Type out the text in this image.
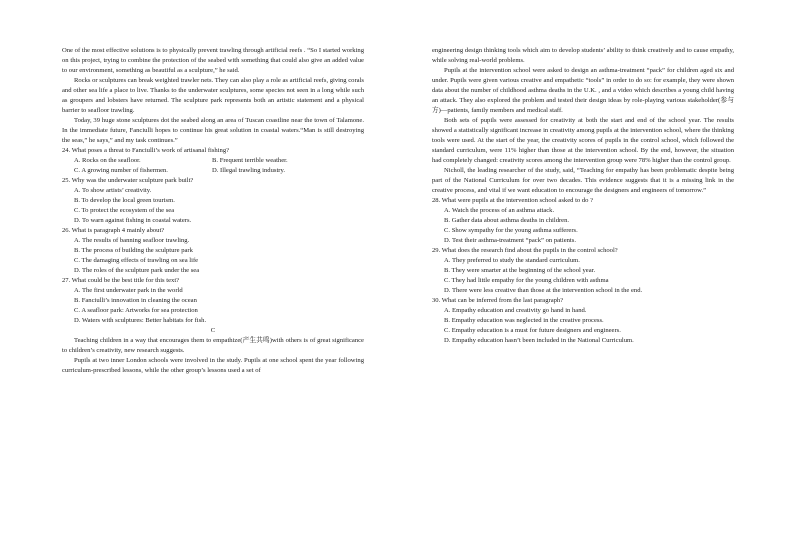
One of the most effective solutions is to physically prevent trawling through artificial reefs . “So I started working on this project, trying to combine the protection of the seabed with something that could also give an added value to our environment, something as beautiful as a sculpture,” he said.

Rocks or sculptures can break weighted trawler nets. They can also play a role as artificial reefs, giving corals and other sea life a place to live. Thanks to the underwater sculptures, some species not seen in a long while such as groupers and lobsters have returned. The sculpture park represents both an artistic statement and a physical barrier to seafloor trawling.

Today, 39 huge stone sculptures dot the seabed along an area of Tuscan coastline near the town of Talamone. In the immediate future, Fanciulli hopes to continue his great solution in coastal waters.“Man is still destroying the seas,” he says,” and my task continues.”

24. What poses a threat to Fanciulli’s work of artisanal fishing?
A. Rocks on the seafloor.	B. Frequent terrible weather.
C. A growing number of fishermen.	D. Illegal trawling industry.
25. Why was the underwater sculpture park built?
A. To show artists’ creativity.
B. To develop the local green tourism.
C. To protect the ecosystem of the sea
D. To warn against fishing in coastal waters.
26. What is paragraph 4 mainly about?
A. The results of banning seafloor trawling.
B. The process of building the sculpture park
C. The damaging effects of trawling on sea life
D. The roles of the sculpture park under the sea
27. What could be the best title for this text?
A. The first underwater park in the world
B. Fanciulli’s innovation in cleaning the ocean
C. A seafloor park: Artworks for sea protection
D. Waters with sculptures: Better habitats for fish.
C

Teaching children in a way that encourages them to empathize(产生共鸣)with others is of great significance to children’s creativity, new research suggests.

Pupils at two inner London schools were involved in the study. Pupils at one school spent the year following curriculum-prescribed lessons, while the other group’s lessons used a set of

engineering design thinking tools which aim to develop students’ ability to think creatively and to cause empathy, while solving real-world problems.

Pupils at the intervention school were asked to design an asthma-treatment “pack” for children aged six and under. Pupils were given various creative and empathetic “tools” in order to do so: for example, they were shown data about the number of childhood asthma deaths in the U.K. , and a video which describes a young child having an attack. They also explored the problem and tested their design ideas by role-playing various stakeholder(参与方)—patients, family members and medical staff.

Both sets of pupils were assessed for creativity at both the start and end of the school year. The results showed a statistically significant increase in creativity among pupils at the intervention school, where the thinking tools were used. At the start of the year, the creativity scores of pupils in the control school, which followed the standard curriculum, were 11% higher than those at the intervention school. By the end, however, the situation had completely changed: creativity scores among the intervention group were 78% higher than the control group.

Nicholl, the leading researcher of the study, said, “Teaching for empathy has been problematic despite being part of the National Curriculum for over two decades. This evidence suggests that it is a missing link in the creative process, and vital if we want education to encourage the designers and engineers of tomorrow.”

28. What were pupils at the intervention school asked to do ?
A. Watch the process of an asthma attack.
B. Gather data about asthma deaths in children.
C. Show sympathy for the young asthma sufferers.
D. Test their asthma-treatment “pack” on patients.
29. What does the research find about the pupils in the control school?
A. They preferred to study the standard curriculum.
B. They were smarter at the beginning of the school year.
C. They had little empathy for the young children with asthma
D. There were less creative than those at the intervention school in the end.
30. What can be inferred from the last paragraph?
A. Empathy education and creativity go hand in hand.
B. Empathy education was neglected in the creative process.
C. Empathy education is a must for future designers and engineers.
D. Empathy education hasn’t been included in the National Curriculum.
